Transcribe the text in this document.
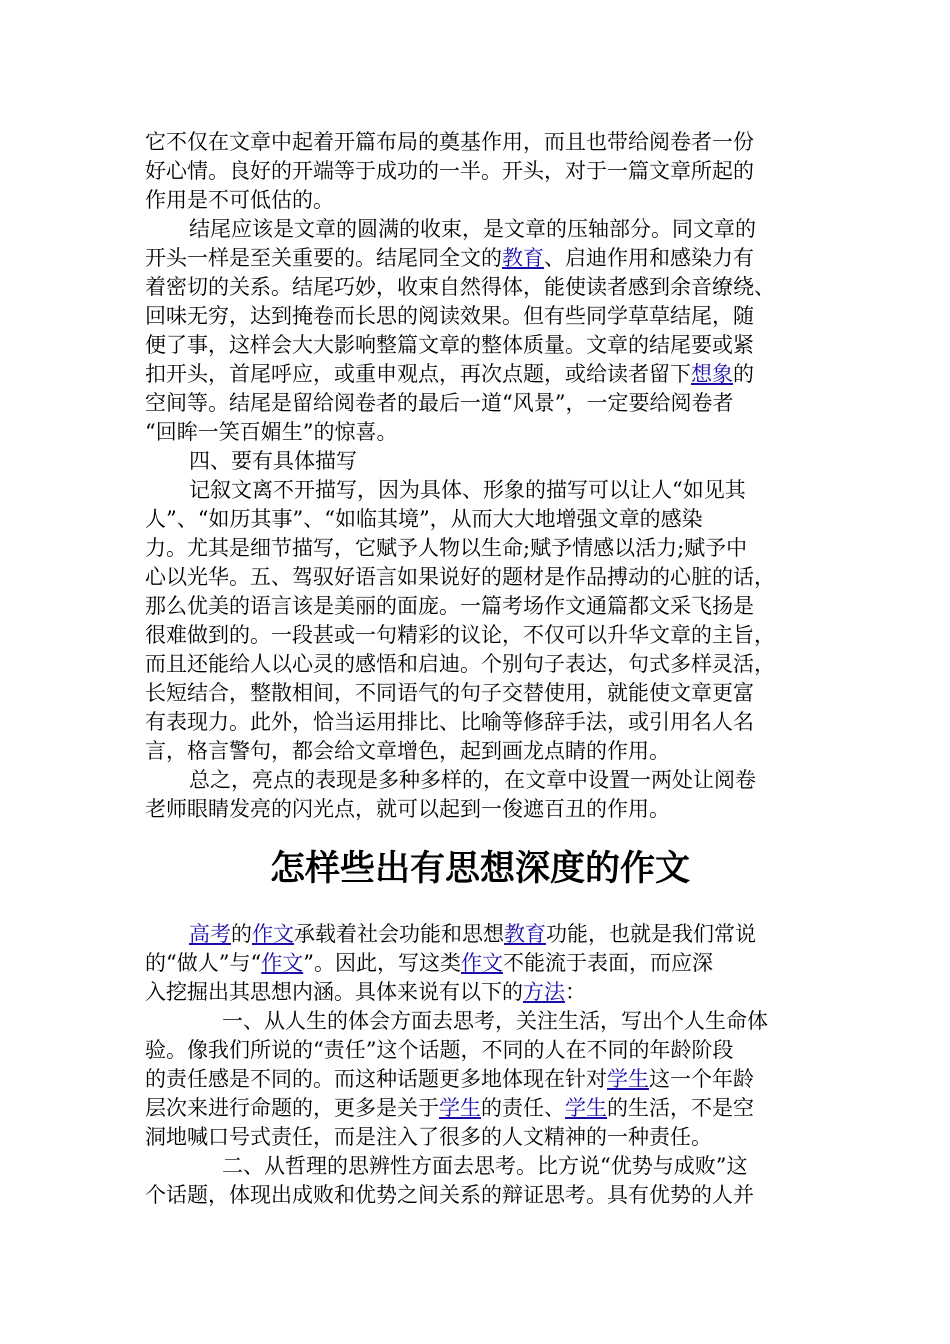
它不仅在文章中起着开篇布局的奠基作用，而且也带给阅卷者一份
好心情。良好的开端等于成功的一半。开头，对于一篇文章所起的
作用是不可低估的。
结尾应该是文章的圆满的收束，是文章的压轴部分。同文章的
开头一样是至关重要的。结尾同全文的教育、启迪作用和感染力有
着密切的关系。结尾巧妙，收束自然得体，能使读者感到余音缭绕、
回味无穷，达到掩卷而长思的阅读效果。但有些同学草草结尾，随
便了事，这样会大大影响整篇文章的整体质量。文章的结尾要或紧
扣开头，首尾呼应，或重申观点，再次点题，或给读者留下想象的
空间等。结尾是留给阅卷者的最后一道“风景”，一定要给阅卷者
“回眸一笑百媚生”的惊喜。
四、要有具体描写
记叙文离不开描写，因为具体、形象的描写可以让人“如见其
人”、“如历其事”、“如临其境”，从而大大地增强文章的感染
力。尤其是细节描写，它赋予人物以生命;赋予情感以活力;赋予中
心以光华。五、驾驭好语言如果说好的题材是作品搏动的心脏的话，
那么优美的语言该是美丽的面庞。一篇考场作文通篇都文采飞扬是
很难做到的。一段甚或一句精彩的议论，不仅可以升华文章的主旨，
而且还能给人以心灵的感悟和启迪。个别句子表达，句式多样灵活，
长短结合，整散相间，不同语气的句子交替使用，就能使文章更富
有表现力。此外，恰当运用排比、比喻等修辞手法，或引用名人名
言，格言警句，都会给文章增色，起到画龙点睛的作用。
总之，亮点的表现是多种多样的，在文章中设置一两处让阅卷
老师眼睛发亮的闪光点，就可以起到一俊遮百丑的作用。
怎样些出有思想深度的作文
高考的作文承载着社会功能和思想教育功能，也就是我们常说
的“做人”与“作文”。因此，写这类作文不能流于表面，而应深
入挖掘出其思想内涵。具体来说有以下的方法：
一、从人生的体会方面去思考，关注生活，写出个人生命体
验。像我们所说的“责任”这个话题，不同的人在不同的年龄阶段
的责任感是不同的。而这种话题更多地体现在针对学生这一个年龄
层次来进行命题的，更多是关于学生的责任、学生的生活，不是空
洞地喊口号式责任，而是注入了很多的人文精神的一种责任。
二、从哲理的思辨性方面去思考。比方说“优势与成败”这
个话题，体现出成败和优势之间关系的辩证思考。具有优势的人并
